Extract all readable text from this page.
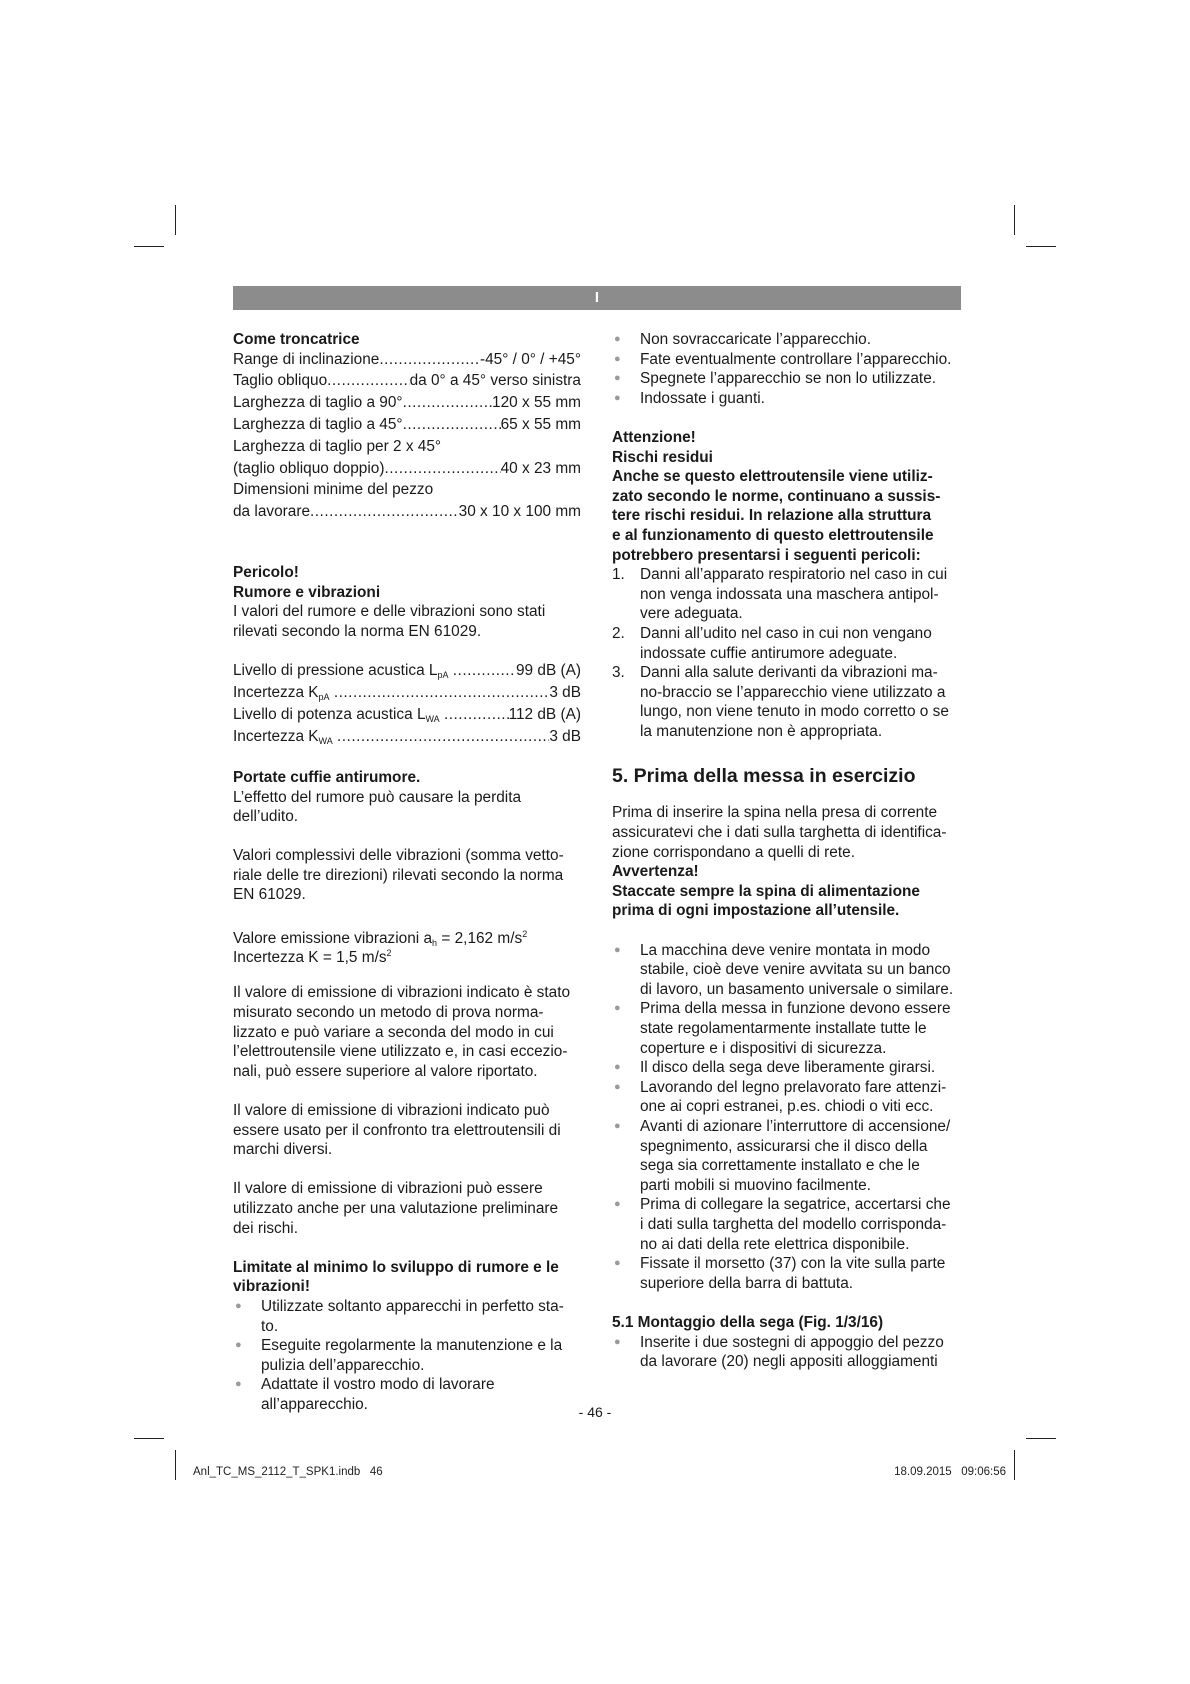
I
Come troncatrice
Range di inclinazione .....	-45° / 0° / +45°
Taglio obliquo .....	da 0° a 45° verso sinistra
Larghezza di taglio a 90° .....	120 x 55 mm
Larghezza di taglio a 45° .....	65 x 55 mm
Larghezza di taglio per 2 x 45°
(taglio obliquo doppio) .....	40 x 23 mm
Dimensioni minime del pezzo
da lavorare .....	30 x 10 x 100 mm
Pericolo!
Rumore e vibrazioni
I valori del rumore e delle vibrazioni sono stati
rilevati secondo la norma EN 61029.
Livello di pressione acustica $L_{pA}$ .....	99 dB (A)
Incertezza $K_{pA}$ .....	3 dB
Livello di potenza acustica $L_{WA}$ .....	112 dB (A)
Incertezza $K_{WA}$ .....	3 dB
Portate cuffie antirumore.
L’effetto del rumore può causare la perdita
dell’udito.
Valori complessivi delle vibrazioni (somma vetto-
riale delle tre direzioni) rilevati secondo la norma
EN 61029.
Valore emissione vibrazioni $a_h = 2,162$ $m/s^2$
Incertezza K = 1,5 $m/s^2$
Il valore di emissione di vibrazioni indicato è stato
misurato secondo un metodo di prova norma-
lizzato e può variare a seconda del modo in cui
l’elettroutensile viene utilizzato e, in casi eccezio-
nali, può essere superiore al valore riportato.
Il valore di emissione di vibrazioni indicato può
essere usato per il confronto tra elettroutensili di
marchi diversi.
Il valore di emissione di vibrazioni può essere
utilizzato anche per una valutazione preliminare
dei rischi.
Limitate al minimo lo sviluppo di rumore e le
vibrazioni!
● Utilizzate soltanto apparecchi in perfetto sta-
to.
● Eseguite regolarmente la manutenzione e la
pulizia dell’apparecchio.
● Adattate il vostro modo di lavorare
all’apparecchio.
● Non sovraccaricate l’apparecchio.
● Fate eventualmente controllare l’apparecchio.
● Spegnete l’apparecchio se non lo utilizzate.
● Indossate i guanti.
Attenzione!
Rischi residui
Anche se questo elettroutensile viene utiliz-
zato secondo le norme, continuano a sussis-
tere rischi residui. In relazione alla struttura
e al funzionamento di questo elettroutensile
potrebbero presentarsi i seguenti pericoli:
1. Danni all’apparato respiratorio nel caso in cui
non venga indossata una maschera antipol-
vere adeguata.
2. Danni all’udito nel caso in cui non vengano
indossate cuffie antirumore adeguate.
3. Danni alla salute derivanti da vibrazioni ma-
no-braccio se l’apparecchio viene utilizzato a
lungo, non viene tenuto in modo corretto o se
la manutenzione non è appropriata.
5. Prima della messa in esercizio
Prima di inserire la spina nella presa di corrente
assicuratevi che i dati sulla targhetta di identifica-
zione corrispondano a quelli di rete.
Avvertenza!
Staccate sempre la spina di alimentazione
prima di ogni impostazione all’utensile.
● La macchina deve venire montata in modo
stabile, cioè deve venire avvitata su un banco
di lavoro, un basamento universale o similare.
● Prima della messa in funzione devono essere
state regolamentarmente installate tutte le
coperture e i dispositivi di sicurezza.
● Il disco della sega deve liberamente girarsi.
● Lavorando del legno prelavorato fare attenzi-
one ai copri estranei, p.es. chiodi o viti ecc.
● Avanti di azionare l’interruttore di accensione/
spegnimento, assicurarsi che il disco della
sega sia correttamente installato e che le
parti mobili si muovino facilmente.
● Prima di collegare la segatrice, accertarsi che
i dati sulla targhetta del modello corrisponda-
no ai dati della rete elettrica disponibile.
● Fissate il morsetto (37) con la vite sulla parte
superiore della barra di battuta.
5.1 Montaggio della sega (Fig. 1/3/16)
● Inserite i due sostegni di appoggio del pezzo
da lavorare (20) negli appositi alloggiamenti
- 46 -
Anl_TC_MS_2112_T_SPK1.indb   46	18.09.2015   09:06:56
